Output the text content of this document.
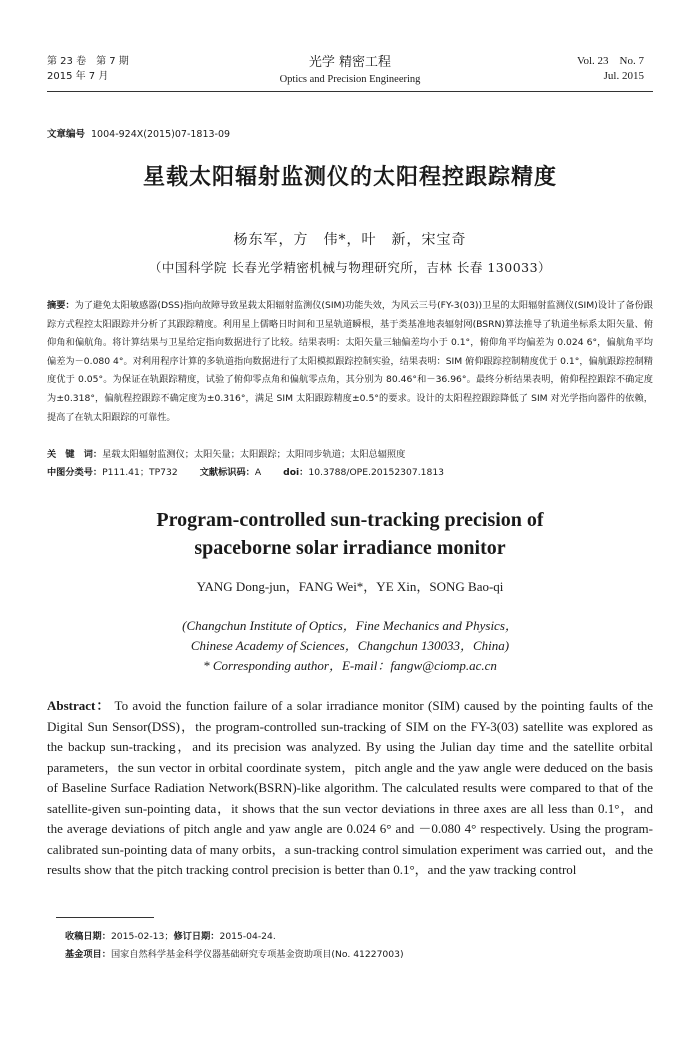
第 23 卷　第 7 期
2015 年 7 月
光学 精密工程
Optics and Precision Engineering
Vol. 23　No. 7
Jul. 2015
文章编号 1004-924X(2015)07-1813-09
星载太阳辐射监测仪的太阳程控跟踪精度
杨东军，方　伟*，叶　新，宋宝奇
（中国科学院 长春光学精密机械与物理研究所，吉林 长春 130033）
摘要：为了避免太阳敏感器(DSS)指向故障导致星载太阳辐射监测仪(SIM)功能失效，为风云三号(FY-3(03))卫星的太阳辐射监测仪(SIM)设计了备份跟踪方式程控太阳跟踪并分析了其跟踪精度。利用星上儒略日时间和卫星轨道瞬根，基于类基准地表辐射网(BSRN)算法推导了轨道坐标系太阳矢量、俯仰角和偏航角。将计算结果与卫星给定指向数据进行了比较。结果表明：太阳矢量三轴偏差均小于 0.1°，俯仰角平均偏差为 0.024 6°，偏航角平均偏差为－0.080 4°。对利用程序计算的多轨道指向数据进行了太阳模拟跟踪控制实验，结果表明：SIM 俯仰跟踪控制精度优于 0.1°，偏航跟踪控制精度优于 0.05°。为保证在轨跟踪精度，试验了俯仰零点角和偏航零点角，其分别为 80.46°和－36.96°。最终分析结果表明，俯仰程控跟踪不确定度为±0.318°，偏航程控跟踪不确定度为±0.316°，满足 SIM 太阳跟踪精度±0.5°的要求。设计的太阳程控跟踪降低了 SIM 对光学指向器件的依赖，提高了在轨太阳跟踪的可靠性。
关　键　词：星载太阳辐射监测仪；太阳矢量；太阳跟踪；太阳同步轨道；太阳总辐照度
中图分类号：P111.41；TP732 文献标识码：A doi：10.3788/OPE.20152307.1813
Program-controlled sun-tracking precision of
spaceborne solar irradiance monitor
YANG Dong-jun，FANG Wei*，YE Xin，SONG Bao-qi
(Changchun Institute of Optics，Fine Mechanics and Physics，
Chinese Academy of Sciences，Changchun 130033，China)
* Corresponding author，E-mail：fangw@ciomp.ac.cn
Abstract： To avoid the function failure of a solar irradiance monitor (SIM) caused by the pointing faults of the Digital Sun Sensor(DSS)，the program-controlled sun-tracking of SIM on the FY-3(03) satellite was explored as the backup sun-tracking，and its precision was analyzed. By using the Julian day time and the satellite orbital parameters，the sun vector in orbital coordinate system，pitch angle and the yaw angle were deduced on the basis of Baseline Surface Radiation Network(BSRN)-like algorithm. The calculated results were compared to that of the satellite-given sun-pointing data，it shows that the sun vector deviations in three axes are all less than 0.1°，and the average deviations of pitch angle and yaw angle are 0.024 6° and －0.080 4° respectively. Using the program-calibrated sun-pointing data of many orbits，a sun-tracking control simulation experiment was carried out，and the results show that the pitch tracking control precision is better than 0.1°，and the yaw tracking control
收稿日期：2015-02-13；修订日期：2015-04-24.
基金项目：国家自然科学基金科学仪器基础研究专项基金资助项目(No. 41227003)
